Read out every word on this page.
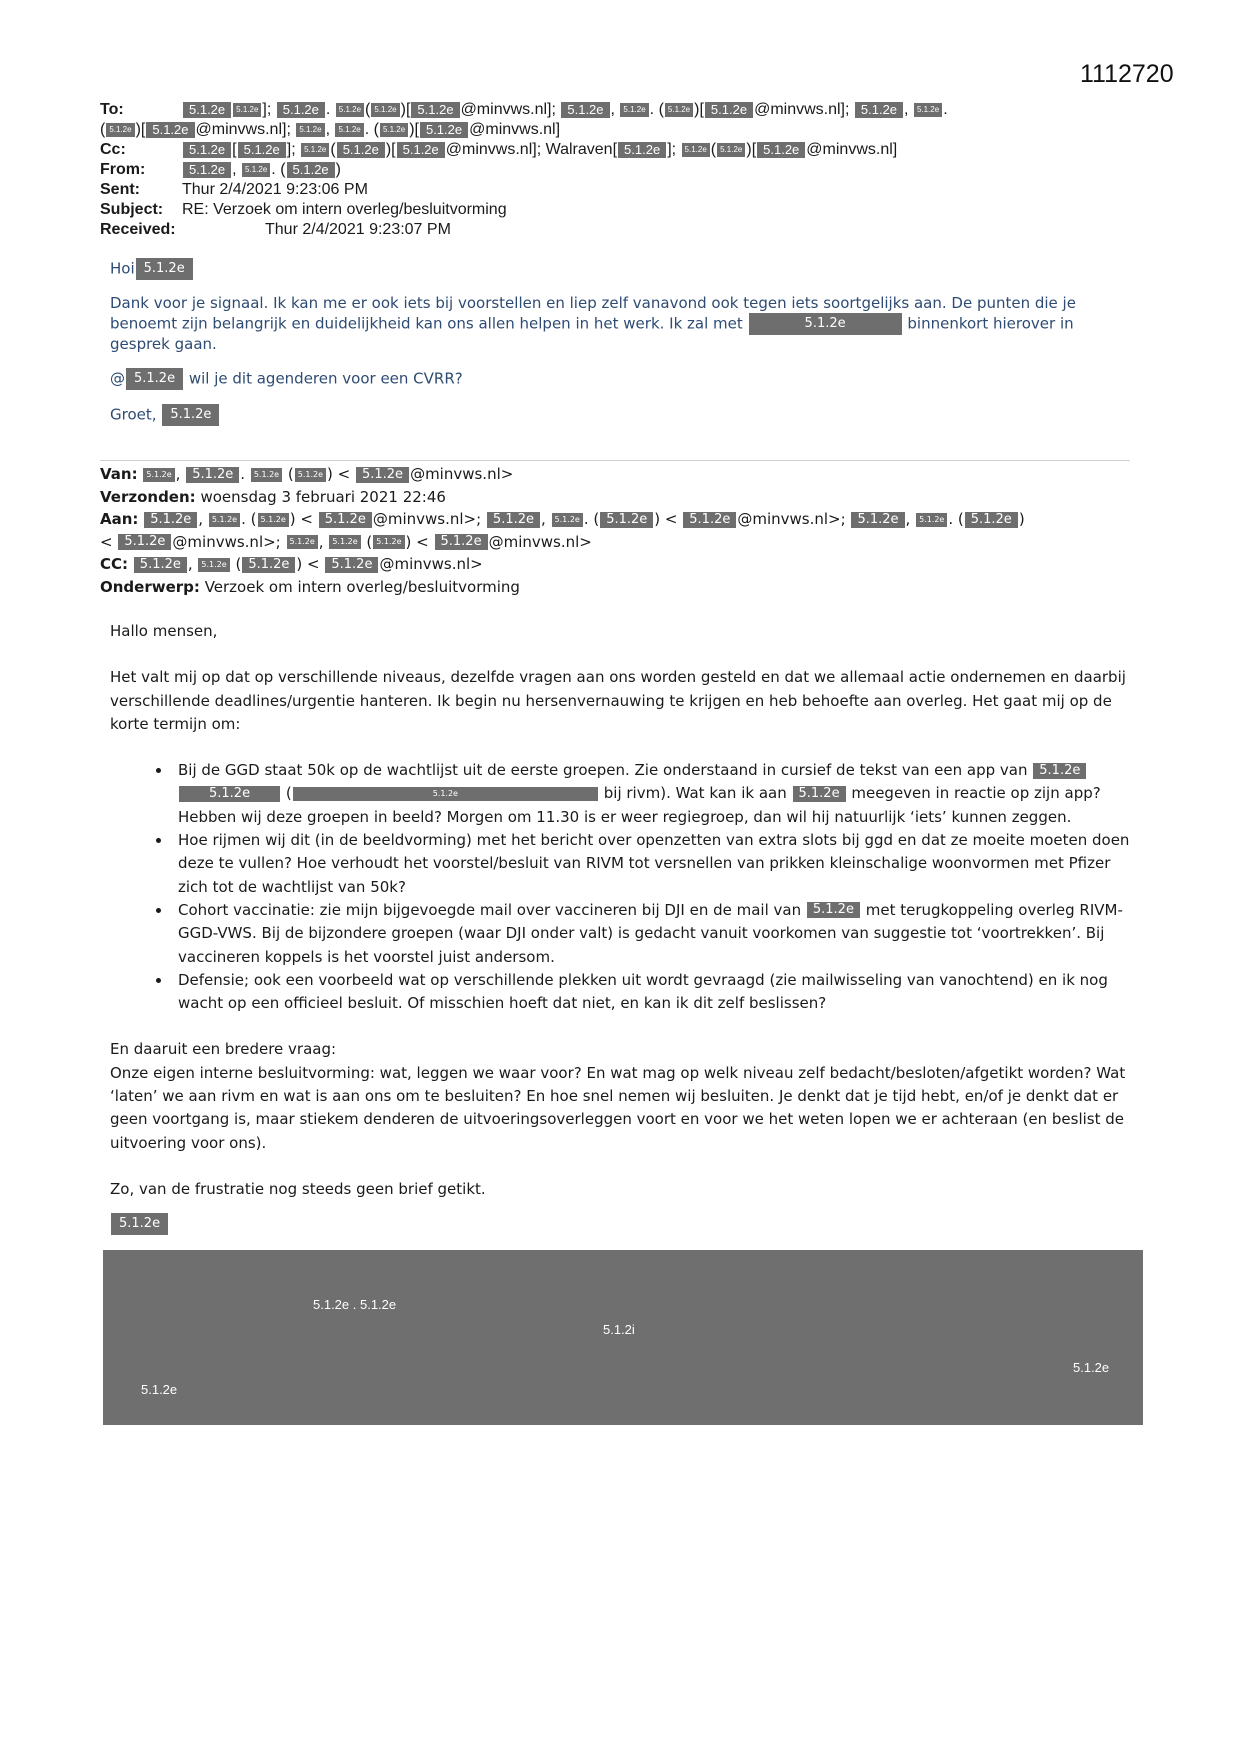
1112720
To:	5.1.2e 5.1.2e ]; 5.1.2e . 5.1.2e ( 5.1.2e )[ 5.1.2e @minvws.nl]; 5.1.2e , 5.1.2e . ( 5.1.2e )[ 5.1.2e @minvws.nl]; 5.1.2e , 5.1.2e .
( 5.1.2e )[ 5.1.2e @minvws.nl]; 5.1.2e , 5.1.2e . ( 5.1.2e )[ 5.1.2e @minvws.nl]
Cc:	5.1.2e [ 5.1.2e ]; 5.1.2e ( 5.1.2e )[ 5.1.2e @minvws.nl]; Walraven[ 5.1.2e ]; 5.1.2e ( 5.1.2e )[ 5.1.2e @minvws.nl]
From:	5.1.2e , 5.1.2e . ( 5.1.2e )
Sent:	Thur 2/4/2021 9:23:06 PM
Subject:	RE: Verzoek om intern overleg/besluitvorming
Received:	Thur 2/4/2021 9:23:07 PM

Hoi 5.1.2e

Dank voor je signaal. Ik kan me er ook iets bij voorstellen en liep zelf vanavond ook tegen iets soortgelijks aan. De punten die je benoemt zijn belangrijk en duidelijkheid kan ons allen helpen in het werk. Ik zal met	5.1.2e	binnenkort hierover in gesprek gaan.

@ 5.1.2e wil je dit agenderen voor een CVRR?

Groet, 5.1.2e

Van: 5.1.2e , 5.1.2e . 5.1.2e ( 5.1.2e ) < 5.1.2e @minvws.nl>
Verzonden: woensdag 3 februari 2021 22:46
Aan: 5.1.2e , 5.1.2e . ( 5.1.2e ) < 5.1.2e @minvws.nl>; 5.1.2e , 5.1.2e . ( 5.1.2e ) < 5.1.2e @minvws.nl>; 5.1.2e , 5.1.2e . ( 5.1.2e )
< 5.1.2e @minvws.nl>; 5.1.2e , 5.1.2e ( 5.1.2e ) < 5.1.2e @minvws.nl>
CC: 5.1.2e , 5.1.2e ( 5.1.2e ) < 5.1.2e @minvws.nl>
Onderwerp: Verzoek om intern overleg/besluitvorming

Hallo mensen,

Het valt mij op dat op verschillende niveaus, dezelfde vragen aan ons worden gesteld en dat we allemaal actie ondernemen en daarbij verschillende deadlines/urgentie hanteren. Ik begin nu hersenvernauwing te krijgen en heb behoefte aan overleg. Het gaat mij op de korte termijn om:

• Bij de GGD staat 50k op de wachtlijst uit de eerste groepen. Zie onderstaand in cursief de tekst van een app van 5.1.2e 5.1.2e (	5.1.2e	bij rivm). Wat kan ik aan 5.1.2e meegeven in reactie op zijn app? Hebben wij deze groepen in beeld? Morgen om 11.30 is er weer regiegroep, dan wil hij natuurlijk ‘iets’ kunnen zeggen.
• Hoe rijmen wij dit (in de beeldvorming) met het bericht over openzetten van extra slots bij ggd en dat ze moeite moeten doen deze te vullen? Hoe verhoudt het voorstel/besluit van RIVM tot versnellen van prikken kleinschalige woonvormen met Pfizer zich tot de wachtlijst van 50k?
• Cohort vaccinatie: zie mijn bijgevoegde mail over vaccineren bij DJI en de mail van 5.1.2e met terugkoppeling overleg RIVM-GGD-VWS. Bij de bijzondere groepen (waar DJI onder valt) is gedacht vanuit voorkomen van suggestie tot ‘voortrekken’. Bij vaccineren koppels is het voorstel juist andersom.
• Defensie; ook een voorbeeld wat op verschillende plekken uit wordt gevraagd (zie mailwisseling van vanochtend) en ik nog wacht op een officieel besluit. Of misschien hoeft dat niet, en kan ik dit zelf beslissen?

En daaruit een bredere vraag:
Onze eigen interne besluitvorming: wat, leggen we waar voor? En wat mag op welk niveau zelf bedacht/besloten/afgetikt worden? Wat ‘laten’ we aan rivm en wat is aan ons om te besluiten? En hoe snel nemen wij besluiten. Je denkt dat je tijd hebt, en/of je denkt dat er geen voortgang is, maar stiekem denderen de uitvoeringsoverleggen voort en voor we het weten lopen we er achteraan (en beslist de uitvoering voor ons).

Zo, van de frustratie nog steeds geen brief getikt.

5.1.2e
5.1.2e . 5.1.2e
5.1.2i
5.1.2e
5.1.2e
